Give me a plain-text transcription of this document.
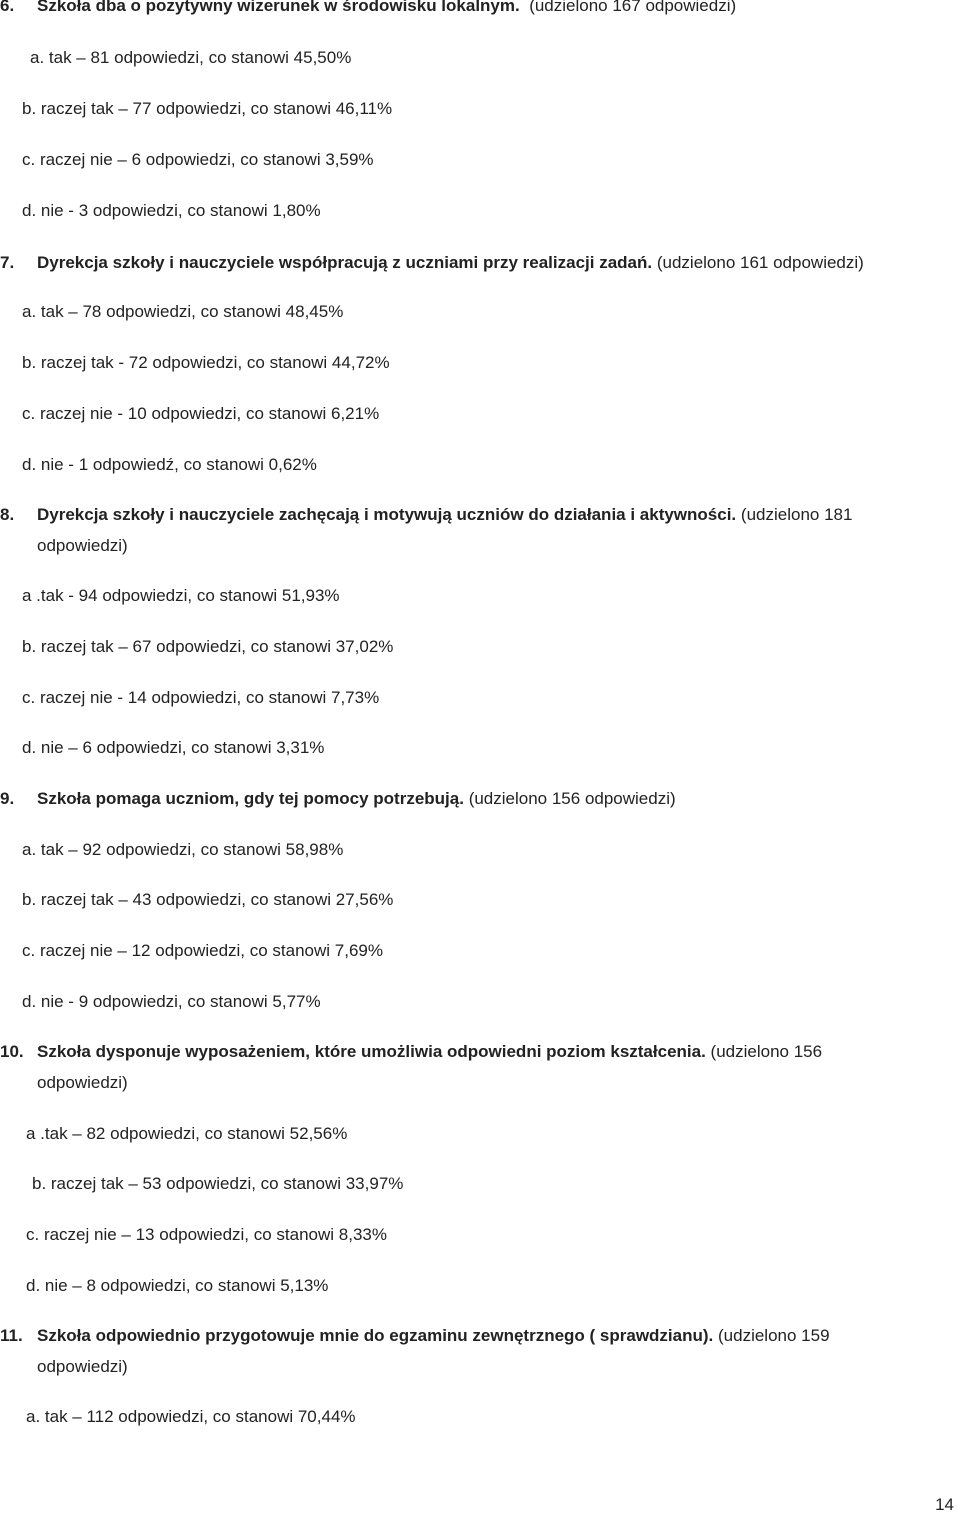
6. Szkoła dba o pozytywny wizerunek w środowisku lokalnym. (udzielono 167 odpowiedzi)
a. tak – 81 odpowiedzi, co stanowi 45,50%
b. raczej tak – 77 odpowiedzi, co stanowi 46,11%
c. raczej nie – 6 odpowiedzi, co stanowi 3,59%
d. nie - 3 odpowiedzi, co stanowi 1,80%
7. Dyrekcja szkoły i nauczyciele współpracują z uczniami przy realizacji zadań. (udzielono 161 odpowiedzi)
a. tak – 78 odpowiedzi, co stanowi 48,45%
b. raczej tak - 72 odpowiedzi, co stanowi 44,72%
c. raczej nie - 10 odpowiedzi, co stanowi 6,21%
d. nie - 1 odpowiedź, co stanowi 0,62%
8. Dyrekcja szkoły i nauczyciele zachęcają i motywują uczniów do działania i aktywności. (udzielono 181
odpowiedzi)
a .tak - 94 odpowiedzi, co stanowi 51,93%
b. raczej tak – 67 odpowiedzi, co stanowi 37,02%
c. raczej nie - 14 odpowiedzi, co stanowi 7,73%
d. nie – 6 odpowiedzi, co stanowi 3,31%
9. Szkoła pomaga uczniom, gdy tej pomocy potrzebują. (udzielono 156 odpowiedzi)
a. tak – 92 odpowiedzi, co stanowi 58,98%
b. raczej tak – 43 odpowiedzi, co stanowi 27,56%
c. raczej nie – 12 odpowiedzi, co stanowi 7,69%
d. nie - 9 odpowiedzi, co stanowi 5,77%
10. Szkoła dysponuje wyposażeniem, które umożliwia odpowiedni poziom kształcenia. (udzielono 156
odpowiedzi)
a .tak – 82 odpowiedzi, co stanowi 52,56%
b. raczej tak – 53 odpowiedzi, co stanowi 33,97%
c. raczej nie – 13 odpowiedzi, co stanowi 8,33%
d. nie – 8 odpowiedzi, co stanowi 5,13%
11. Szkoła odpowiednio przygotowuje mnie do egzaminu zewnętrznego ( sprawdzianu). (udzielono 159
odpowiedzi)
a. tak – 112 odpowiedzi, co stanowi 70,44%
14
